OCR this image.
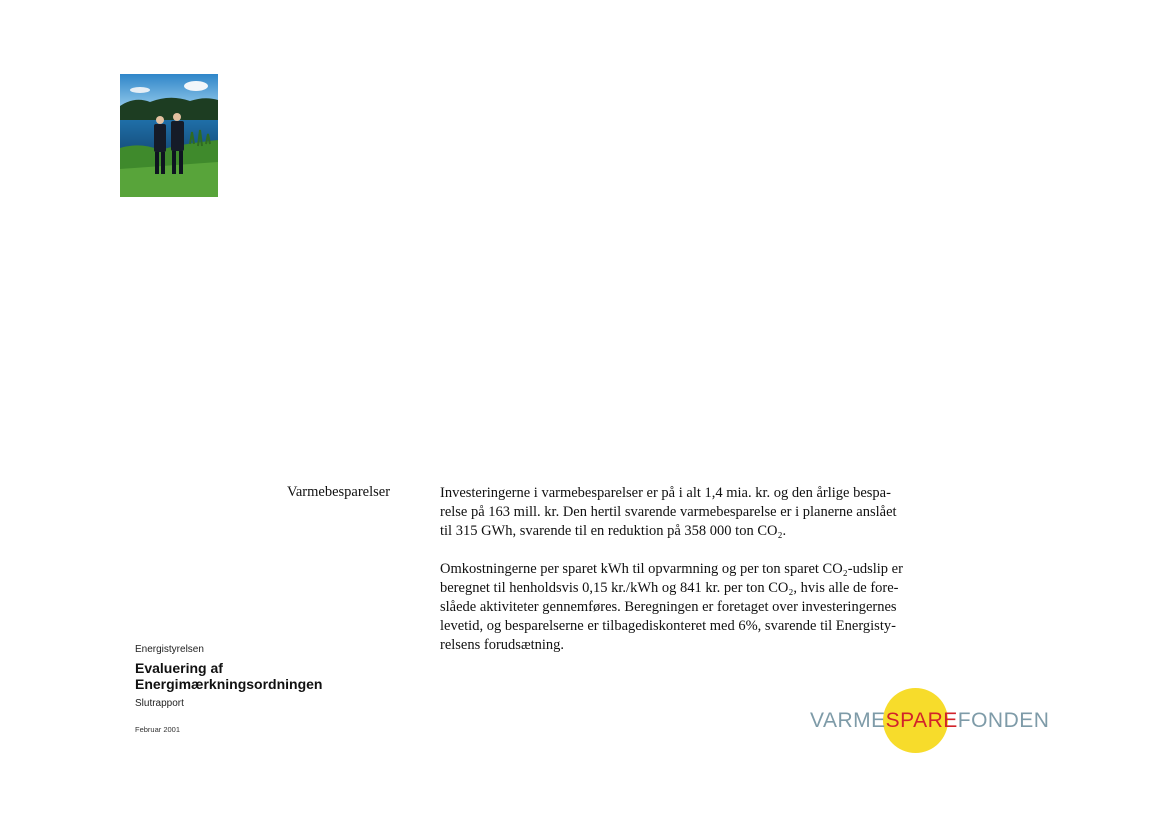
Varmebesparelser	Investeringerne i varmebesparelser er på i alt 1,4 mia. kr. og den årlige bespa-
relse på 163 mill. kr. Den hertil svarende varmebesparelse er i planerne anslået
til 315 GWh, svarende til en reduktion på 358 000 ton CO₂.

Omkostningerne per sparet kWh til opvarmning og per ton sparet CO₂-udslip er
beregnet til henholdsvis 0,15 kr./kWh og 841 kr. per ton CO₂, hvis alle de fore-
slåede aktiviteter gennemføres. Beregningen er foretaget over investeringernes
levetid, og besparelserne er tilbagediskonteret med 6%, svarende til Energisty-
relsens forudsætning.

Energistyrelsen
Evaluering af
Energimærkningsordningen
Slutrapport
Februar 2001	VARMESPAREFONDEN
